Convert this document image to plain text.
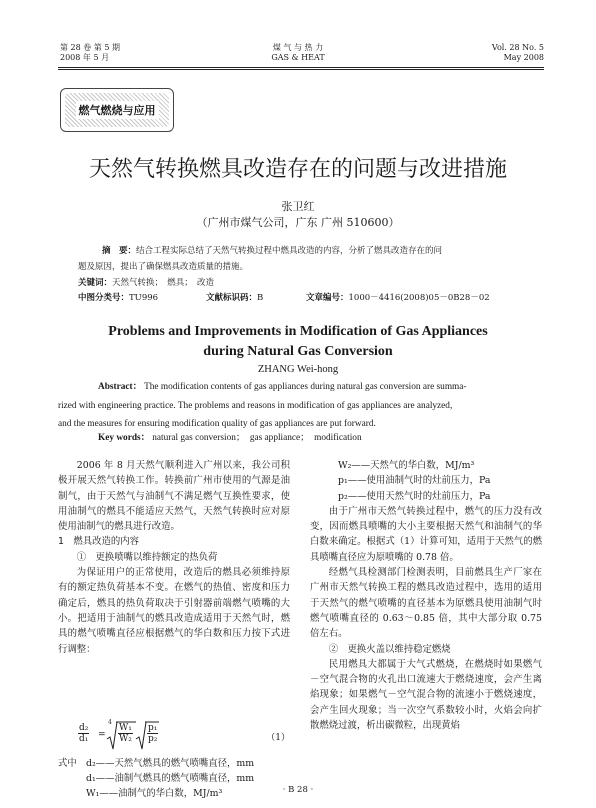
第 28 卷 第 5 期
2008 年 5 月
煤 气 与 热 力
GAS & HEAT
Vol. 28 No. 5
May 2008
燃气燃烧与应用
天然气转换燃具改造存在的问题与改进措施
张卫红
（广州市煤气公司，广东 广州 510600）
摘　要：结合工程实际总结了天然气转换过程中燃具改造的内容，分析了燃具改造存在的问
题及原因，提出了确保燃具改造质量的措施。
关键词：天然气转换；　燃具；　改造
中图分类号：TU996	文献标识码：B	文章编号：1000－4416(2008)05－0B28－02
Problems and Improvements in Modification of Gas Appliances
during Natural Gas Conversion
ZHANG Wei-hong
Abstract： The modification contents of gas appliances during natural gas conversion are summa-
rized with engineering practice. The problems and reasons in modification of gas appliances are analyzed,
and the measures for ensuring modification quality of gas appliances are put forward.
Key words： natural gas conversion；　gas appliance；　modification

2006 年 8 月天然气顺利进入广州以来，我公司积极开展天然气转换工作。转换前广州市使用的气源是油制气，由于天然气与油制气不满足燃气互换性要求，使用油制气的燃具不能适应天然气，天然气转换时应对原使用油制气的燃具进行改造。

1　燃具改造的内容

①　更换喷嘴以维持额定的热负荷

为保证用户的正常使用，改造后的燃具必须维持原有的额定热负荷基本不变。在燃气的热值、密度和压力确定后，燃具的热负荷取决于引射器前端燃气喷嘴的大小。把适用于油制气的燃具改造成适用于天然气时，燃具的燃气喷嘴直径应根据燃气的华白数和压力按下式进行调整：

$\frac{\text{d₂}}{\text{d₁}}$ =
4
$\frac{\text{W₁}}{\text{W₂}} \frac{\text{p₁}}{\text{p₂}}$	（1）
式中 d₂——天然气燃具的燃气喷嘴直径，mm
d₁——油制气燃具的燃气喷嘴直径，mm
W₁——油制气的华白数，MJ/m³

W₂——天然气的华白数，MJ/m³

p₁——使用油制气时的灶前压力，Pa

p₂——使用天然气时的灶前压力，Pa

由于广州市天然气转换过程中，燃气的压力没有改变，因而燃具喷嘴的大小主要根据天然气和油制气的华白数来确定。根据式（1）计算可知，适用于天然气的燃具喷嘴直径应为原喷嘴的 0.78 倍。

经燃气具检测部门检测表明，目前燃具生产厂家在广州市天然气转换工程的燃具改造过程中，选用的适用于天然气的燃气喷嘴的直径基本为原燃具使用油制气时燃气喷嘴直径的 0.63～0.85 倍，其中大部分取 0.75 倍左右。

②　更换火盖以维持稳定燃烧

民用燃具大都属于大气式燃烧，在燃烧时如果燃气－空气混合物的火孔出口流速大于燃烧速度，会产生离焰现象；如果燃气－空气混合物的流速小于燃烧速度，会产生回火现象；当一次空气系数较小时，火焰会向扩散燃烧过渡，析出碳微粒，出现黄焰

· B 28 ·
